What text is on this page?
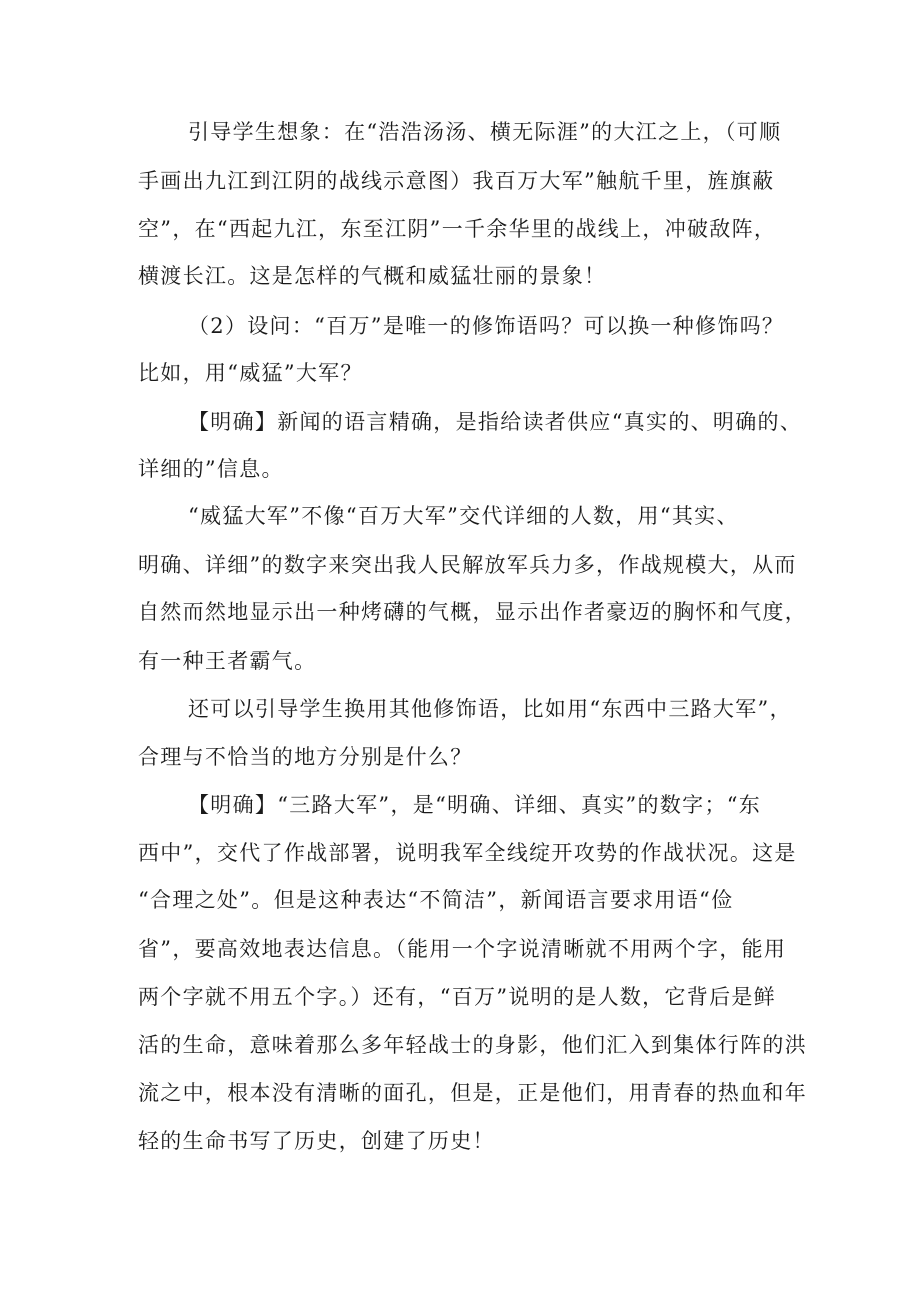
引导学生想象：在“浩浩汤汤、横无际涯”的大江之上，（可顺

手画出九江到江阴的战线示意图）我百万大军”触航千里，旌旗蔽

空”，在“西起九江，东至江阴”一千余华里的战线上，冲破敌阵，

横渡长江。这是怎样的气概和威猛壮丽的景象！

（2）设问：“百万”是唯一的修饰语吗？可以换一种修饰吗？

比如，用“威猛”大军？

【明确】新闻的语言精确，是指给读者供应“真实的、明确的、

详细的”信息。

“威猛大军”不像“百万大军”交代详细的人数，用“其实、

明确、详细”的数字来突出我人民解放军兵力多，作战规模大，从而

自然而然地显示出一种烤礴的气概，显示出作者豪迈的胸怀和气度，

有一种王者霸气。

还可以引导学生换用其他修饰语，比如用“东西中三路大军”，

合理与不恰当的地方分别是什么？

【明确】“三路大军”，是“明确、详细、真实”的数字；“东

西中”，交代了作战部署，说明我军全线绽开攻势的作战状况。这是

“合理之处”。但是这种表达“不简洁”，新闻语言要求用语“俭

省”，要高效地表达信息。（能用一个字说清晰就不用两个字，能用

两个字就不用五个字。）还有，“百万”说明的是人数，它背后是鲜

活的生命，意味着那么多年轻战士的身影，他们汇入到集体行阵的洪

流之中，根本没有清晰的面孔，但是，正是他们，用青春的热血和年

轻的生命书写了历史，创建了历史！
